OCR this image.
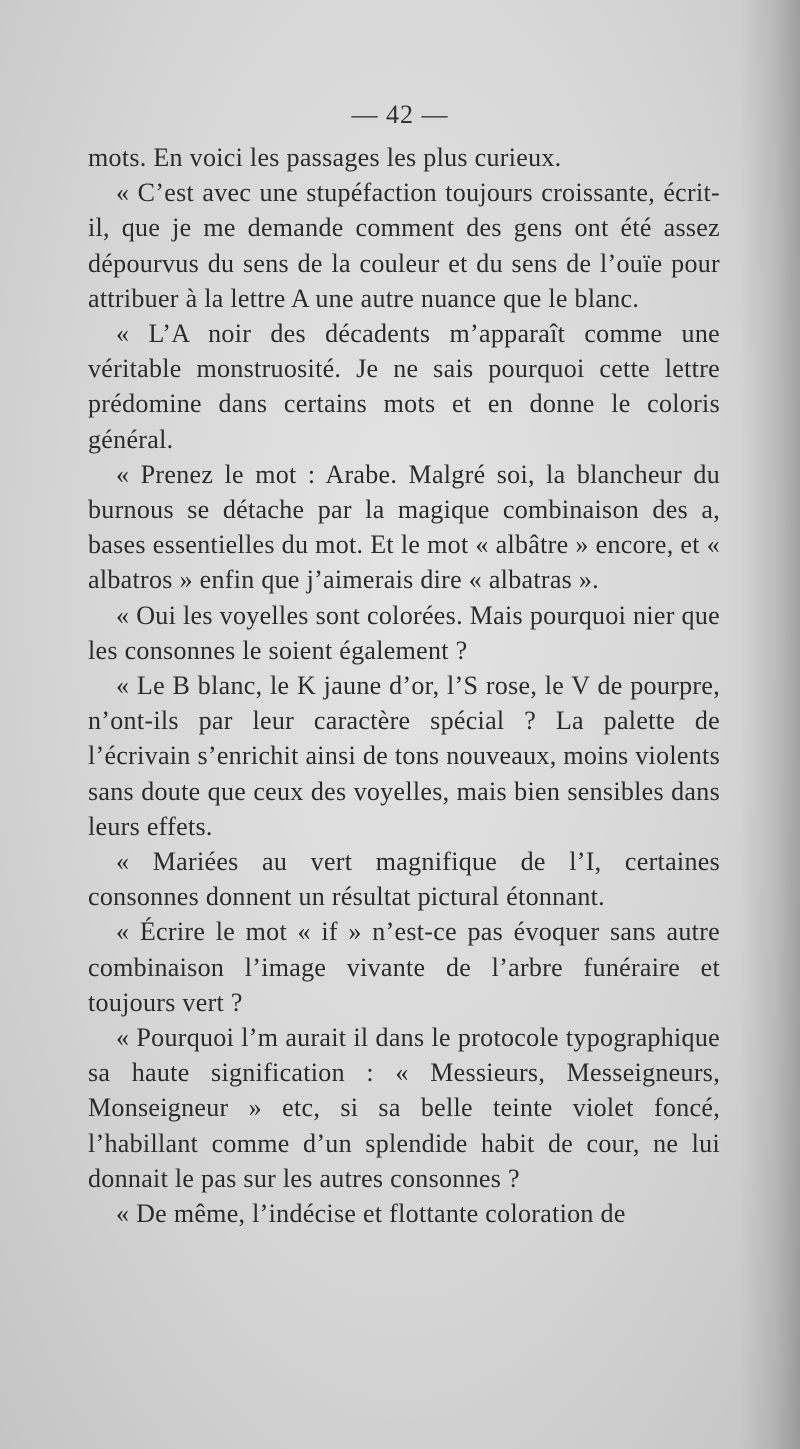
— 42 —

mots. En voici les passages les plus curieux.

« C’est avec une stupéfaction toujours croissante, écrit-il, que je me demande comment des gens ont été assez dépourvus du sens de la couleur et du sens de l’ouïe pour attribuer à la lettre A une autre nuance que le blanc.

« L’A noir des décadents m’apparaît comme une véritable monstruosité. Je ne sais pourquoi cette lettre prédomine dans certains mots et en donne le coloris général.

« Prenez le mot : Arabe. Malgré soi, la blancheur du burnous se détache par la magique combinaison des a, bases essentielles du mot. Et le mot « albâtre » encore, et « albatros » enfin que j’aimerais dire « albatras ».

« Oui les voyelles sont colorées. Mais pourquoi nier que les consonnes le soient également ?

« Le B blanc, le K jaune d’or, l’S rose, le V de pourpre, n’ont-ils par leur caractère spécial ? La palette de l’écrivain s’enrichit ainsi de tons nouveaux, moins violents sans doute que ceux des voyelles, mais bien sensibles dans leurs effets.

« Mariées au vert magnifique de l’I, certaines consonnes donnent un résultat pictural étonnant.

« Écrire le mot « if » n’est-ce pas évoquer sans autre combinaison l’image vivante de l’arbre funéraire et toujours vert ?

« Pourquoi l’m aurait il dans le protocole typographique sa haute signification : « Messieurs, Messeigneurs, Monseigneur » etc, si sa belle teinte violet foncé, l’habillant comme d’un splendide habit de cour, ne lui donnait le pas sur les autres consonnes ?

« De même, l’indécise et flottante coloration de
